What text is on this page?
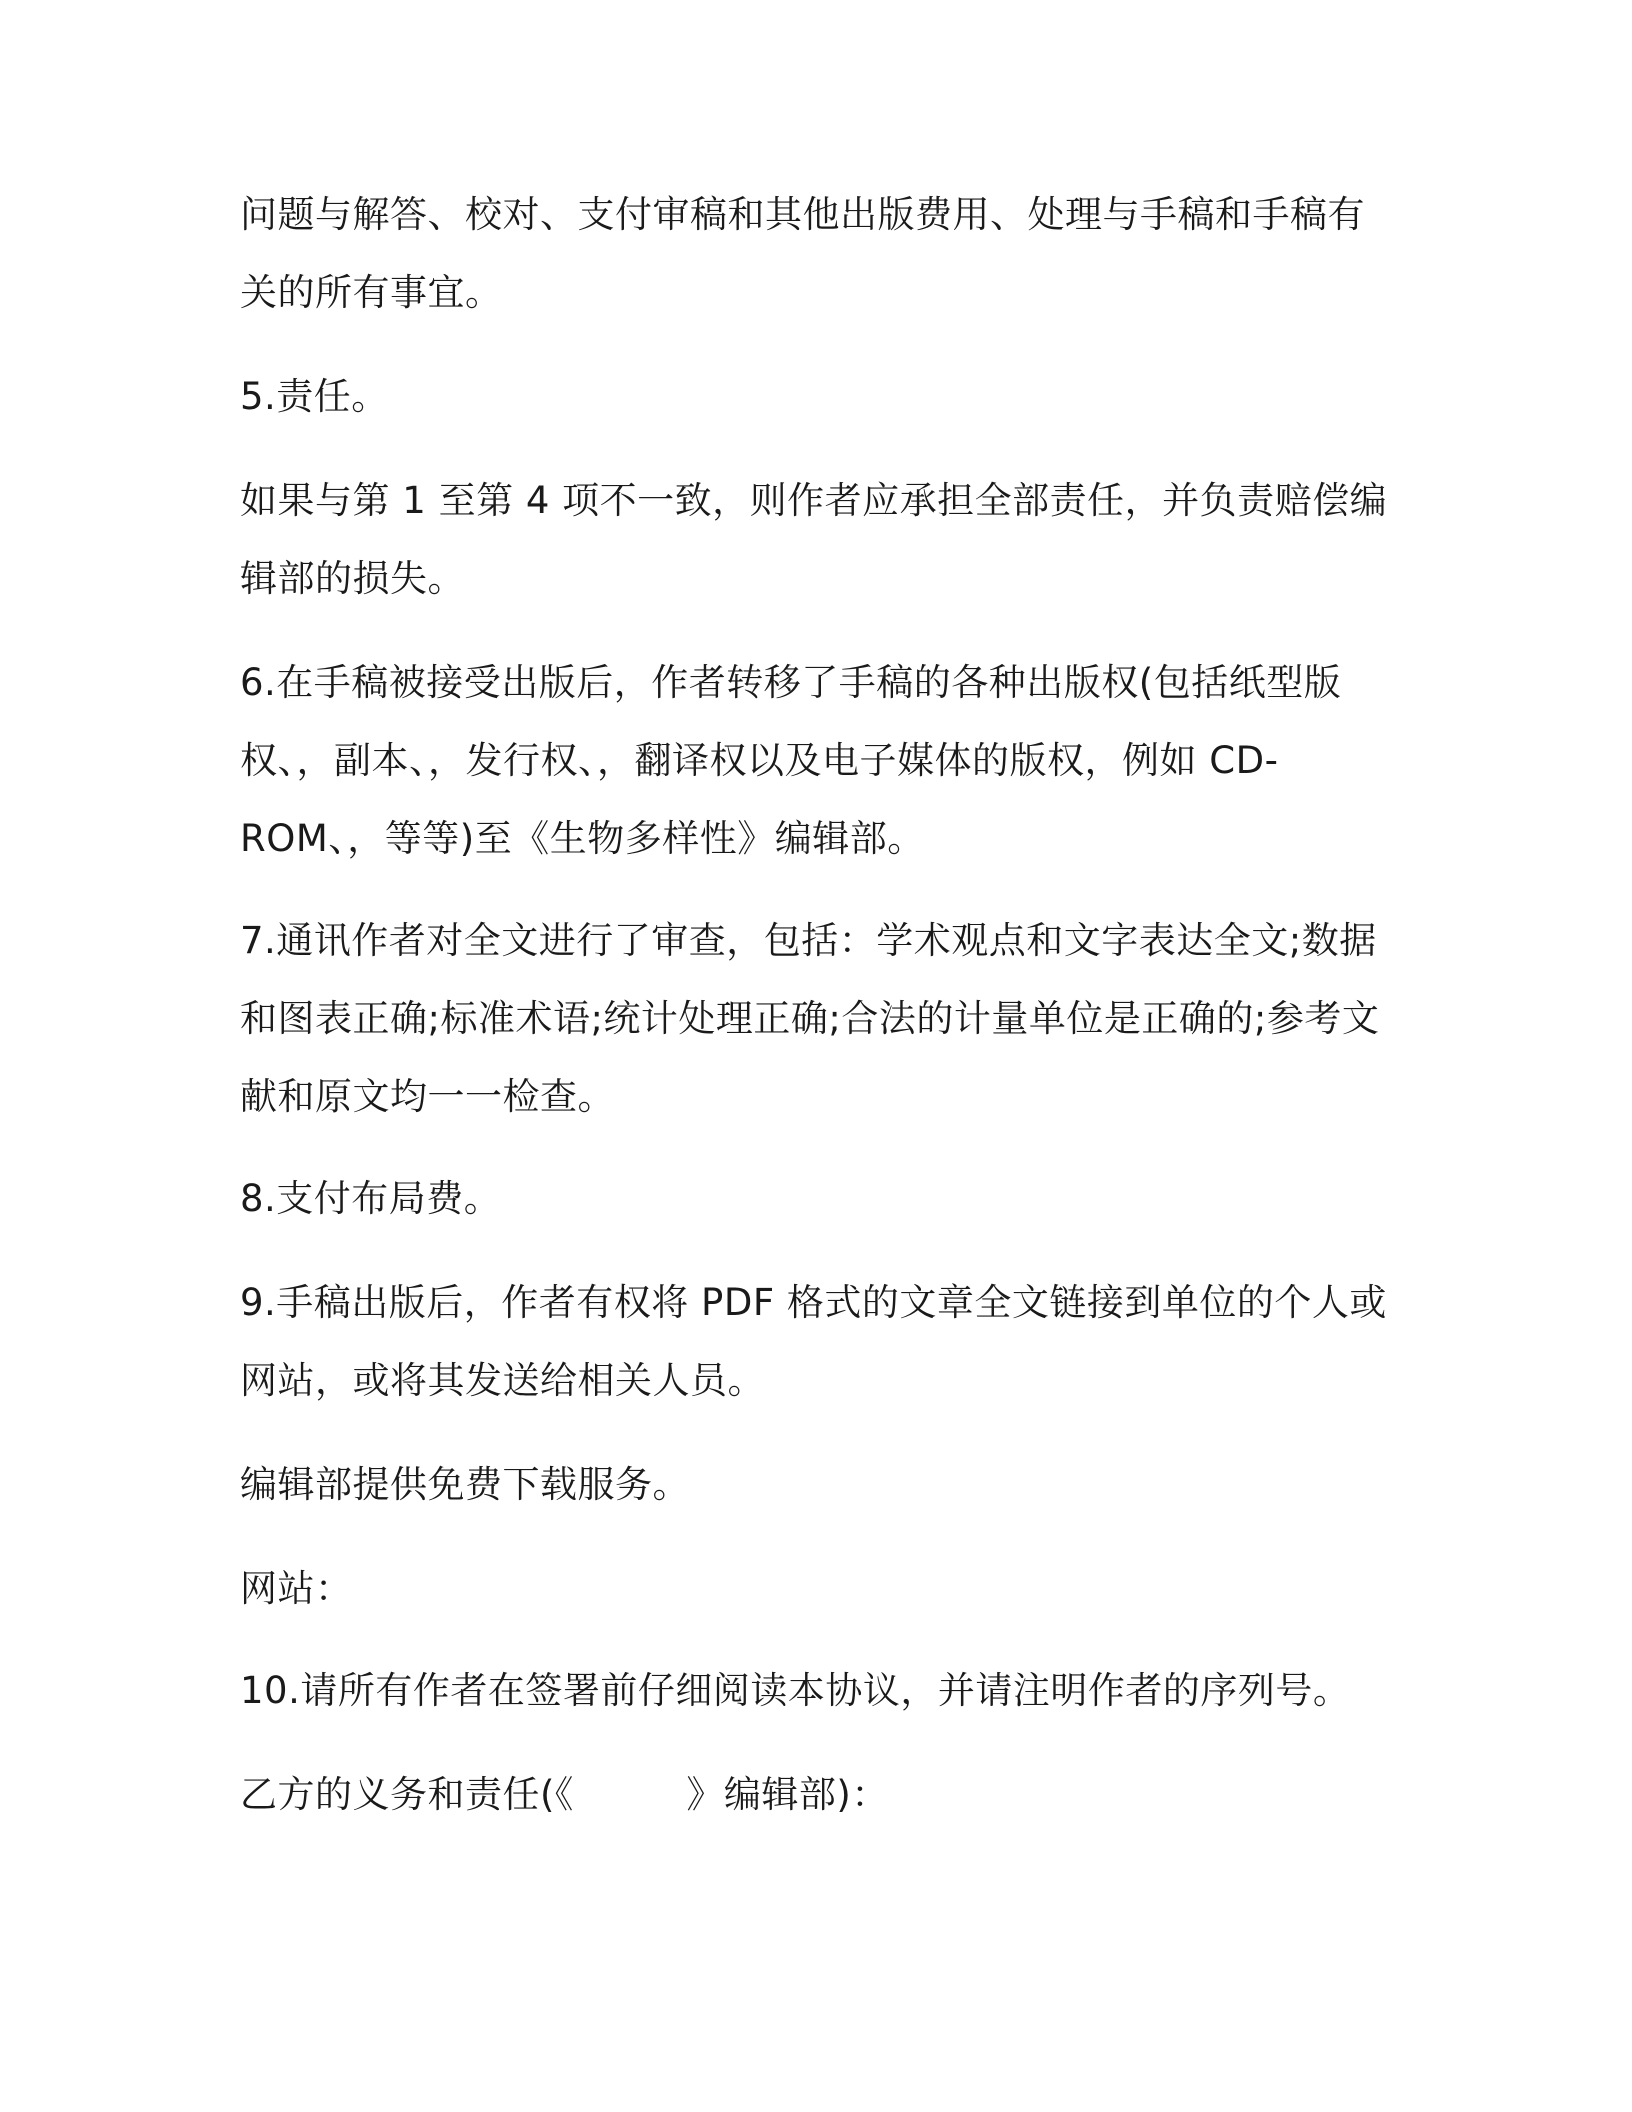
问题与解答、校对、支付审稿和其他出版费用、处理与手稿和手稿有

关的所有事宜。

5.责任。

如果与第 1 至第 4 项不一致，则作者应承担全部责任，并负责赔偿编

辑部的损失。

6.在手稿被接受出版后，作者转移了手稿的各种出版权(包括纸型版

权、，副本、，发行权、，翻译权以及电子媒体的版权，例如 CD-

ROM、，等等)至《生物多样性》编辑部。

7.通讯作者对全文进行了审查，包括：学术观点和文字表达全文;数据

和图表正确;标准术语;统计处理正确;合法的计量单位是正确的;参考文

献和原文均一一检查。

8.支付布局费。

9.手稿出版后，作者有权将 PDF 格式的文章全文链接到单位的个人或

网站，或将其发送给相关人员。

编辑部提供免费下载服务。

网站：

10.请所有作者在签署前仔细阅读本协议，并请注明作者的序列号。

乙方的义务和责任(《　　　》编辑部)：
